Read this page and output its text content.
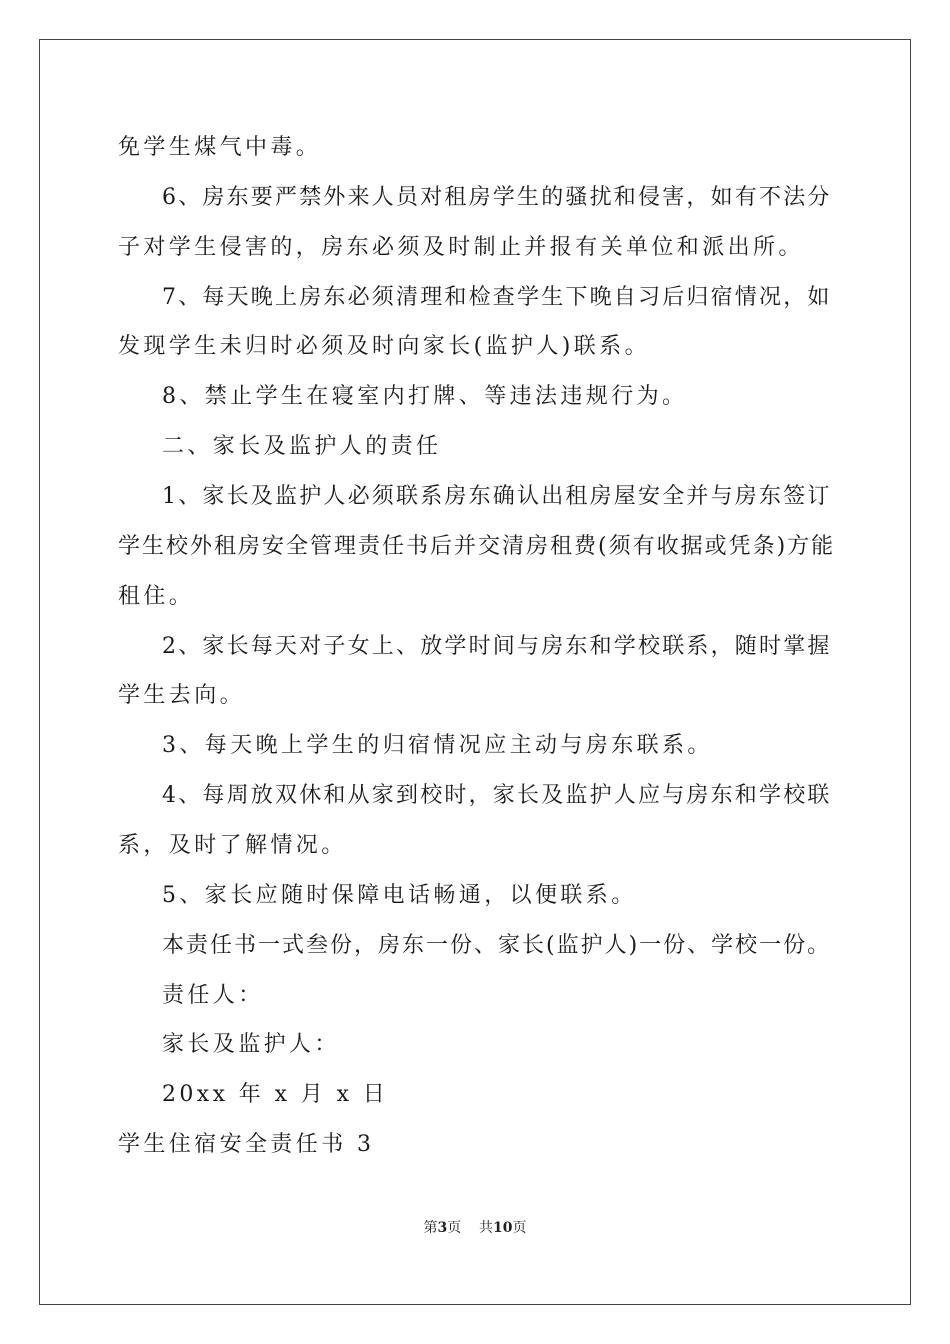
免学生煤气中毒。
6、房东要严禁外来人员对租房学生的骚扰和侵害，如有不法分
子对学生侵害的，房东必须及时制止并报有关单位和派出所。
7、每天晚上房东必须清理和检查学生下晚自习后归宿情况，如
发现学生未归时必须及时向家长(监护人)联系。
8、禁止学生在寝室内打牌、等违法违规行为。
二、家长及监护人的责任
1、家长及监护人必须联系房东确认出租房屋安全并与房东签订
学生校外租房安全管理责任书后并交清房租费(须有收据或凭条)方能
租住。
2、家长每天对子女上、放学时间与房东和学校联系，随时掌握
学生去向。
3、每天晚上学生的归宿情况应主动与房东联系。
4、每周放双休和从家到校时，家长及监护人应与房东和学校联
系，及时了解情况。
5、家长应随时保障电话畅通，以便联系。
本责任书一式叁份，房东一份、家长(监护人)一份、学校一份。
责任人：
家长及监护人：
20xx 年 x 月 x 日
学生住宿安全责任书 3
第3页    共10页
